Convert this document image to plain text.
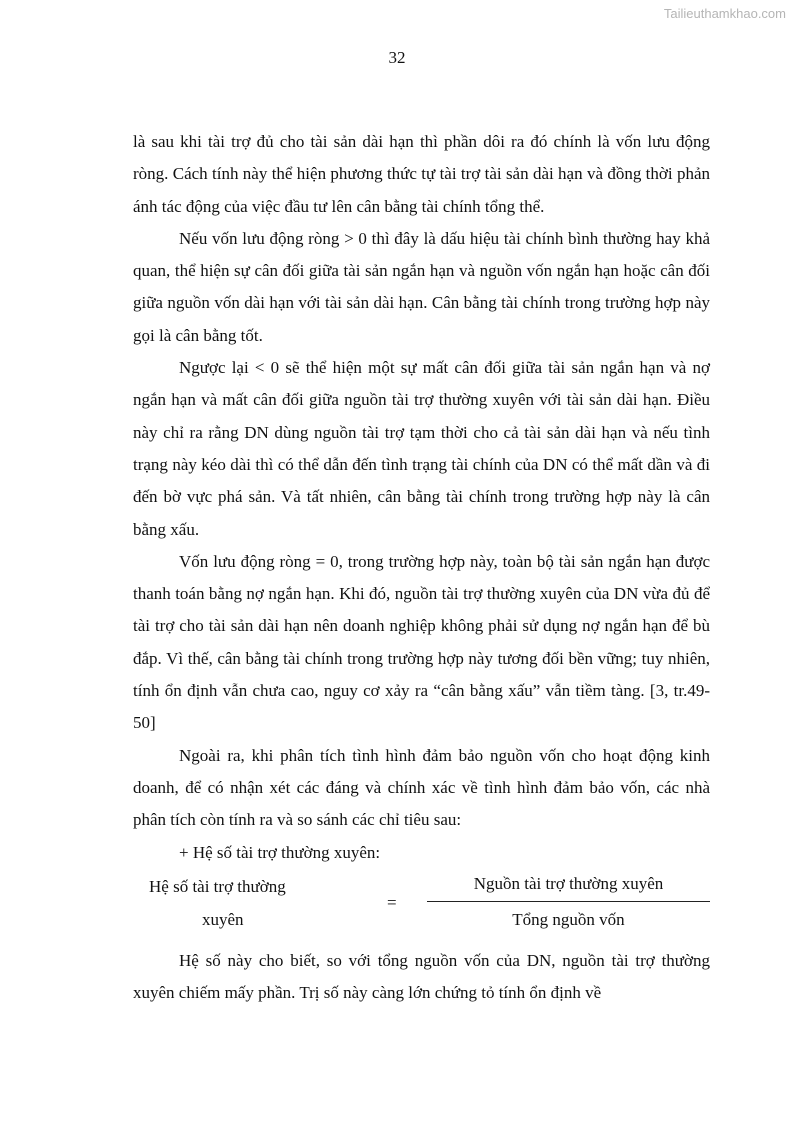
Tailieuthamkhao.com
32

là sau khi tài trợ đủ cho tài sản dài hạn thì phần dôi ra đó chính là vốn lưu động ròng. Cách tính này thể hiện phương thức tự tài trợ tài sản dài hạn và đồng thời phản ánh tác động của việc đầu tư lên cân bằng tài chính tổng thể.

Nếu vốn lưu động ròng > 0 thì đây là dấu hiệu tài chính bình thường hay khả quan, thể hiện sự cân đối giữa tài sản ngắn hạn và nguồn vốn ngắn hạn hoặc cân đối giữa nguồn vốn dài hạn với tài sản dài hạn. Cân bằng tài chính trong trường hợp này gọi là cân bằng tốt.

Ngược lại < 0 sẽ thể hiện một sự mất cân đối giữa tài sản ngắn hạn và nợ ngắn hạn và mất cân đối giữa nguồn tài trợ thường xuyên với tài sản dài hạn. Điều này chỉ ra rằng DN dùng nguồn tài trợ tạm thời cho cả tài sản dài hạn và nếu tình trạng này kéo dài thì có thể dẫn đến tình trạng tài chính của DN có thể mất dần và đi đến bờ vực phá sản. Và tất nhiên, cân bằng tài chính trong trường hợp này là cân bằng xấu.

Vốn lưu động ròng = 0, trong trường hợp này, toàn bộ tài sản ngắn hạn được thanh toán bằng nợ ngắn hạn. Khi đó, nguồn tài trợ thường xuyên của DN vừa đủ để tài trợ cho tài sản dài hạn nên doanh nghiệp không phải sử dụng nợ ngắn hạn để bù đắp. Vì thế, cân bằng tài chính trong trường hợp này tương đối bền vững; tuy nhiên, tính ổn định vẫn chưa cao, nguy cơ xảy ra “cân bằng xấu” vẫn tiềm tàng. [3, tr.49-50]

Ngoài ra, khi phân tích tình hình đảm bảo nguồn vốn cho hoạt động kinh doanh, để có nhận xét các đáng và chính xác về tình hình đảm bảo vốn, các nhà phân tích còn tính ra và so sánh các chỉ tiêu sau:

+ Hệ số tài trợ thường xuyên:

Hệ số tài trợ thường
xuyên
=
Nguồn tài trợ thường xuyên
Tổng nguồn vốn

Hệ số này cho biết, so với tổng nguồn vốn của DN, nguồn tài trợ thường xuyên chiếm mấy phần. Trị số này càng lớn chứng tỏ tính ổn định về
